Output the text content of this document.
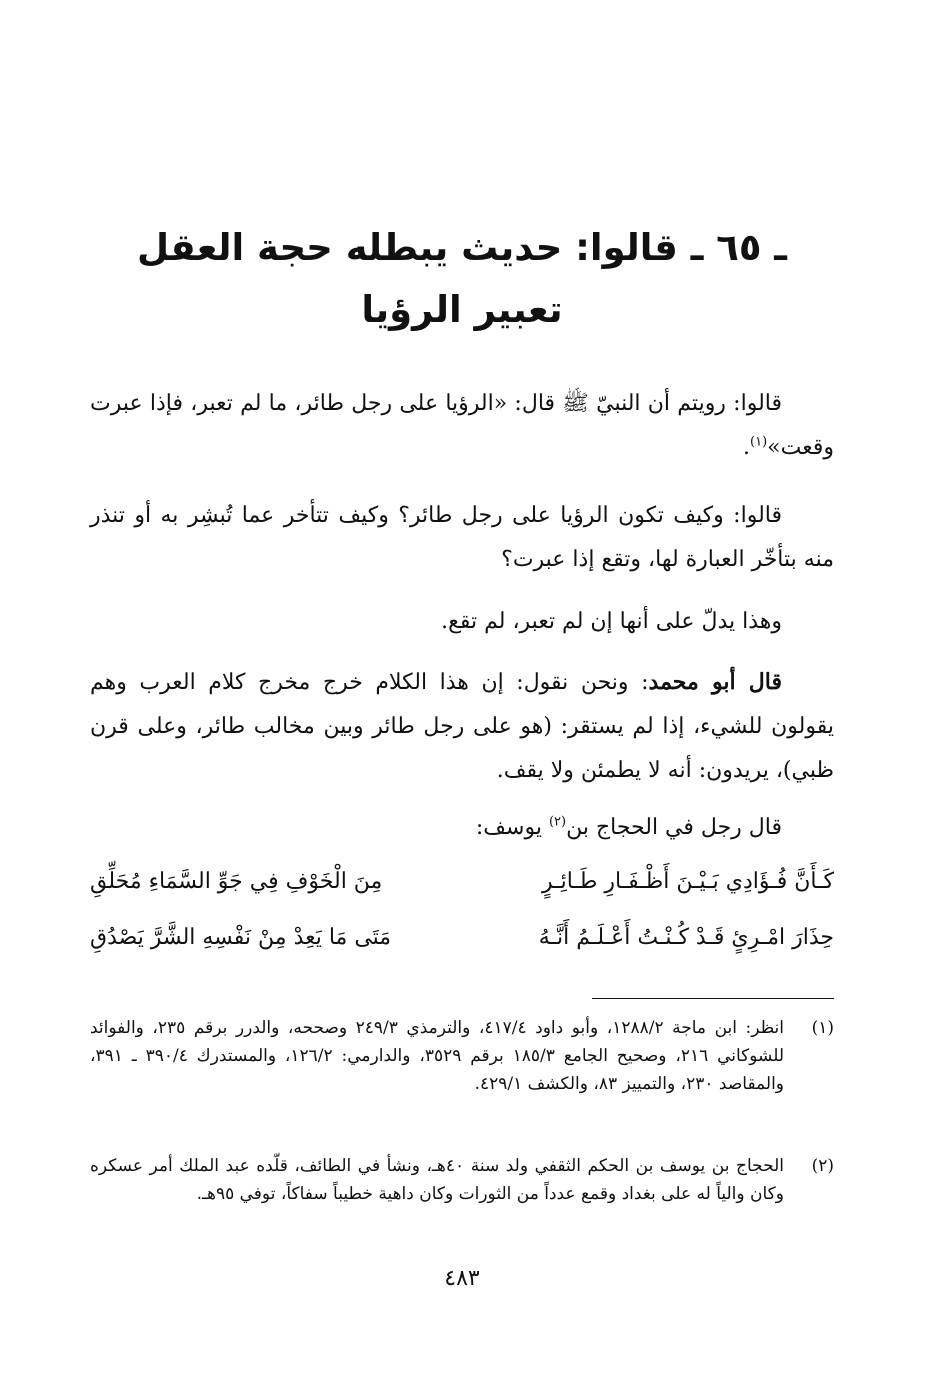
ـ ٦٥ ـ قالوا: حديث يبطله حجة العقل
تعبير الرؤيا

قالوا: رويتم أن النبيّ ﷺ قال: «الرؤيا على رجل طائر، ما لم تعبر، فإذا عبرت وقعت»$^{(١)}$.

قالوا: وكيف تكون الرؤيا على رجل طائر؟ وكيف تتأخر عما تُبشِر به أو تنذر منه بتأخّر العبارة لها، وتقع إذا عبرت؟

وهذا يدلّ على أنها إن لم تعبر، لم تقع.

قال أبو محمد: ونحن نقول: إن هذا الكلام خرج مخرج كلام العرب وهم يقولون للشيء، إذا لم يستقر: (هو على رجل طائر وبين مخالب طائر، وعلى قرن ظبي)، يريدون: أنه لا يطمئن ولا يقف.

قال رجل في الحجاج بن$^{(٢)}$ يوسف:

كَـأَنَّ فُـؤَادِي بَـيْـنَ أَظْـفَـارِ طَـائِـرٍ
مِنَ الْخَوْفِ فِي جَوِّ السَّمَاءِ مُحَلِّقِ
حِذَارَ امْـرِئٍ قَـدْ كُـنْـتُ أَعْـلَـمُ أَنَّـهُ
مَتَى مَا يَعِدْ مِنْ نَفْسِهِ الشَّرَّ يَصْدُقِ
(١)
انظر: ابن ماجة ١٢٨٨/٢، وأبو داود ٤١٧/٤، والترمذي ٢٤٩/٣ وصححه، والدرر برقم ٢٣٥، والفوائد للشوكاني ٢١٦، وصحيح الجامع ١٨٥/٣ برقم ٣٥٢٩، والدارمي: ١٢٦/٢، والمستدرك ٣٩٠/٤ ـ ٣٩١، والمقاصد ٢٣٠، والتمييز ٨٣، والكشف ٤٢٩/١.
(٢)
الحجاج بن يوسف بن الحكم الثقفي ولد سنة ٤٠هـ، ونشأ في الطائف، قلّده عبد الملك أمر عسكره وكان والياً له على بغداد وقمع عدداً من الثورات وكان داهية خطيباً سفاكاً، توفي ٩٥هـ.
٤٨٣
